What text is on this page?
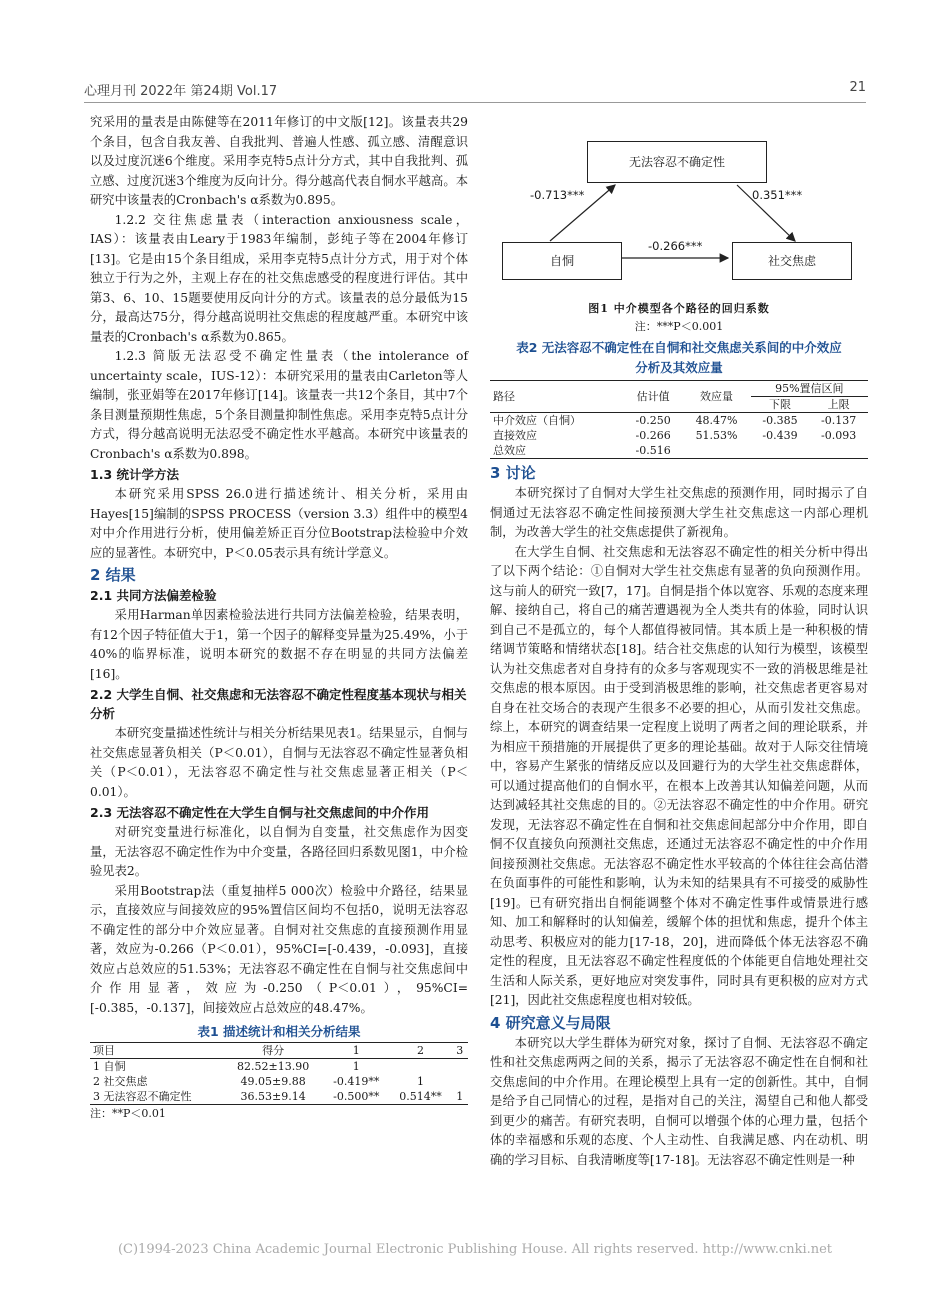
心理月刊 2022年 第24期 Vol.17	21

究采用的量表是由陈健等在2011年修订的中文版[12]。该量表共29个条目，包含自我友善、自我批判、普遍人性感、孤立感、清醒意识以及过度沉迷6个维度。采用李克特5点计分方式，其中自我批判、孤立感、过度沉迷3个维度为反向计分。得分越高代表自恫水平越高。本研究中该量表的Cronbach's α系数为0.895。

1.2.2 交往焦虑量表（interaction anxiousness scale，IAS）：该量表由Leary于1983年编制，彭纯子等在2004年修订[13]。它是由15个条目组成，采用李克特5点计分方式，用于对个体独立于行为之外，主观上存在的社交焦虑感受的程度进行评估。其中第3、6、10、15题要使用反向计分的方式。该量表的总分最低为15分，最高达75分，得分越高说明社交焦虑的程度越严重。本研究中该量表的Cronbach's α系数为0.865。

1.2.3 简版无法忍受不确定性量表（the intolerance of uncertainty scale，IUS-12）：本研究采用的量表由Carleton等人编制，张亚娟等在2017年修订[14]。该量表一共12个条目，其中7个条目测量预期性焦虑，5个条目测量抑制性焦虑。采用李克特5点计分方式，得分越高说明无法忍受不确定性水平越高。本研究中该量表的Cronbach's α系数为0.898。

1.3 统计学方法

本研究采用SPSS 26.0进行描述统计、相关分析，采用由Hayes[15]编制的SPSS PROCESS（version 3.3）组件中的模型4对中介作用进行分析，使用偏差矫正百分位Bootstrap法检验中介效应的显著性。本研究中，P＜0.05表示具有统计学意义。

2 结果
2.1 共同方法偏差检验

采用Harman单因素检验法进行共同方法偏差检验，结果表明，有12个因子特征值大于1，第一个因子的解释变异量为25.49%，小于40%的临界标准，说明本研究的数据不存在明显的共同方法偏差[16]。

2.2 大学生自恫、社交焦虑和无法容忍不确定性程度基本现状与相关分析

本研究变量描述性统计与相关分析结果见表1。结果显示，自恫与社交焦虑显著负相关（P＜0.01），自恫与无法容忍不确定性显著负相关（P＜0.01），无法容忍不确定性与社交焦虑显著正相关（P＜0.01）。

2.3 无法容忍不确定性在大学生自恫与社交焦虑间的中介作用

对研究变量进行标准化，以自恫为自变量，社交焦虑作为因变量，无法容忍不确定性作为中介变量，各路径回归系数见图1，中介检验见表2。

采用Bootstrap法（重复抽样5 000次）检验中介路径，结果显示，直接效应与间接效应的95%置信区间均不包括0，说明无法容忍不确定性的部分中介效应显著。自恫对社交焦虑的直接预测作用显著，效应为-0.266（P＜0.01），95%CI=[-0.439，-0.093]，直接效应占总效应的51.53%；无法容忍不确定性在自恫与社交焦虑间中介作用显著，效应为-0.250（P＜0.01），95%CI=[-0.385，-0.137]，间接效应占总效应的48.47%。

表1 描述统计和相关分析结果
项目	得分	1	2	3
1 自恫	82.52±13.90	1		
2 社交焦虑	49.05±9.88	-0.419**	1	
3 无法容忍不确定性	36.53±9.14	-0.500**	0.514**	1
注：**P＜0.01
无法容忍不确定性
自恫	社交焦虑
-0.713***	0.351***
-0.266***
图1 中介模型各个路径的回归系数
注：***P＜0.001
表2 无法容忍不确定性在自恫和社交焦虑关系间的中介效应
分析及其效应量
路径	估计值	效应量	95%置信区间	
			下限	上限
中介效应（自恫）	-0.250	48.47%	-0.385	-0.137
直接效应	-0.266	51.53%	-0.439	-0.093
总效应	-0.516			
3 讨论

本研究探讨了自恫对大学生社交焦虑的预测作用，同时揭示了自恫通过无法容忍不确定性间接预测大学生社交焦虑这一内部心理机制，为改善大学生的社交焦虑提供了新视角。

在大学生自恫、社交焦虑和无法容忍不确定性的相关分析中得出了以下两个结论：①自恫对大学生社交焦虑有显著的负向预测作用。这与前人的研究一致[7，17]。自恫是指个体以宽容、乐观的态度来理解、接纳自己，将自己的痛苦遭遇视为全人类共有的体验，同时认识到自己不是孤立的，每个人都值得被同情。其本质上是一种积极的情绪调节策略和情绪状态[18]。结合社交焦虑的认知行为模型，该模型认为社交焦虑者对自身持有的众多与客观现实不一致的消极思维是社交焦虑的根本原因。由于受到消极思维的影响，社交焦虑者更容易对自身在社交场合的表现产生很多不必要的担心，从而引发社交焦虑。综上，本研究的调查结果一定程度上说明了两者之间的理论联系，并为相应干预措施的开展提供了更多的理论基础。故对于人际交往情境中，容易产生紧张的情绪反应以及回避行为的大学生社交焦虑群体，可以通过提高他们的自恫水平，在根本上改善其认知偏差问题，从而达到减轻其社交焦虑的目的。②无法容忍不确定性的中介作用。研究发现，无法容忍不确定性在自恫和社交焦虑间起部分中介作用，即自恫不仅直接负向预测社交焦虑，还通过无法容忍不确定性的中介作用间接预测社交焦虑。无法容忍不确定性水平较高的个体往往会高估潜在负面事件的可能性和影响，认为未知的结果具有不可接受的威胁性[19]。已有研究指出自恫能调整个体对不确定性事件或情景进行感知、加工和解释时的认知偏差，缓解个体的担忧和焦虑，提升个体主动思考、积极应对的能力[17-18，20]，进而降低个体无法容忍不确定性的程度，且无法容忍不确定性程度低的个体能更自信地处理社交生活和人际关系，更好地应对突发事件，同时具有更积极的应对方式[21]，因此社交焦虑程度也相对较低。

4 研究意义与局限

本研究以大学生群体为研究对象，探讨了自恫、无法容忍不确定性和社交焦虑两两之间的关系，揭示了无法容忍不确定性在自恫和社交焦虑间的中介作用。在理论模型上具有一定的创新性。其中，自恫是给予自己同情心的过程，是指对自己的关注，渴望自己和他人都受到更少的痛苦。有研究表明，自恫可以增强个体的心理力量，包括个体的幸福感和乐观的态度、个人主动性、自我满足感、内在动机、明确的学习目标、自我清晰度等[17-18]。无法容忍不确定性则是一种

(C)1994-2023 China Academic Journal Electronic Publishing House. All rights reserved. http://www.cnki.net
